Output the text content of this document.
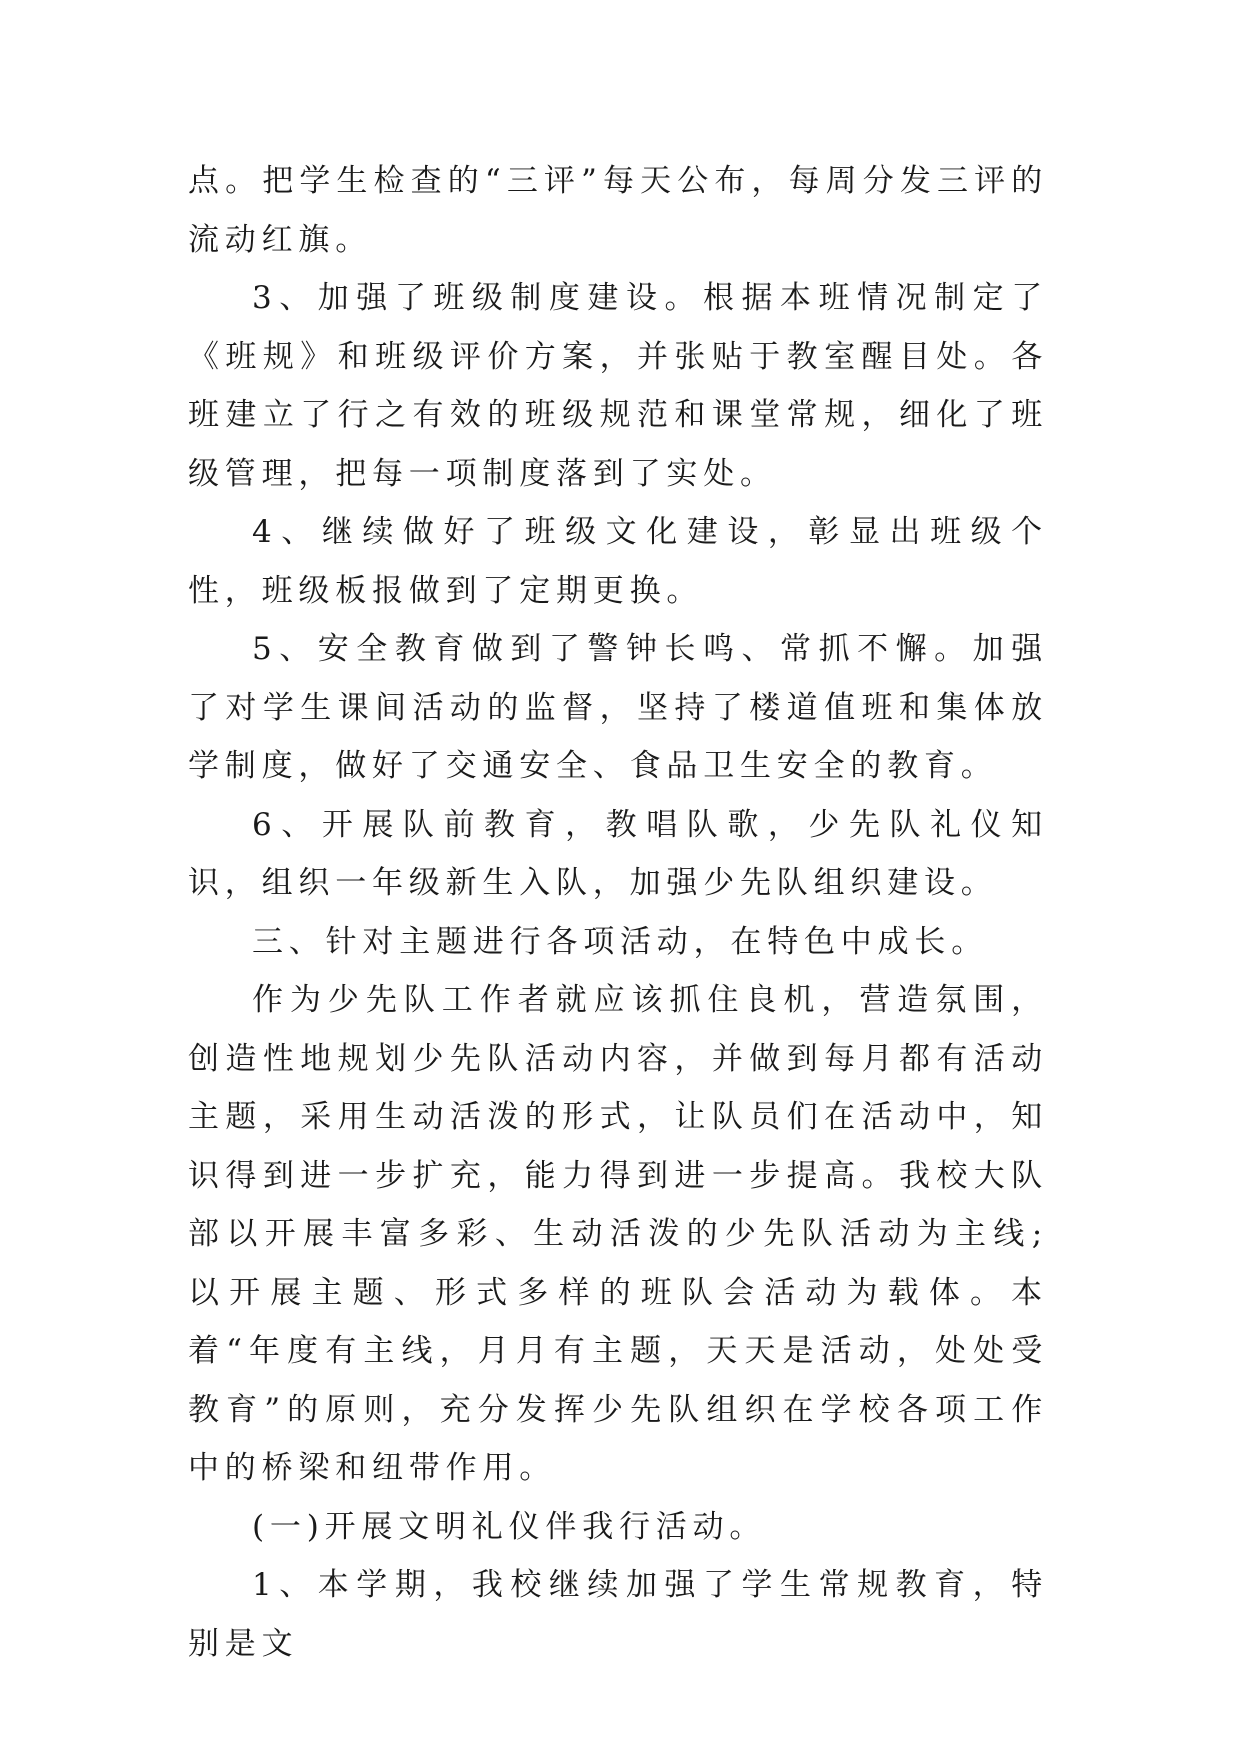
点。把学生检查的“三评”每天公布，每周分发三评的流动红旗。

3、加强了班级制度建设。根据本班情况制定了《班规》和班级评价方案，并张贴于教室醒目处。各班建立了行之有效的班级规范和课堂常规，细化了班级管理，把每一项制度落到了实处。

4、继续做好了班级文化建设，彰显出班级个性，班级板报做到了定期更换。

5、安全教育做到了警钟长鸣、常抓不懈。加强了对学生课间活动的监督，坚持了楼道值班和集体放学制度，做好了交通安全、食品卫生安全的教育。

6、开展队前教育，教唱队歌，少先队礼仪知识，组织一年级新生入队，加强少先队组织建设。

三、针对主题进行各项活动，在特色中成长。

作为少先队工作者就应该抓住良机，营造氛围，创造性地规划少先队活动内容，并做到每月都有活动主题，采用生动活泼的形式，让队员们在活动中，知识得到进一步扩充，能力得到进一步提高。我校大队部以开展丰富多彩、生动活泼的少先队活动为主线;以开展主题、形式多样的班队会活动为载体。本着“年度有主线，月月有主题，天天是活动，处处受教育”的原则，充分发挥少先队组织在学校各项工作中的桥梁和纽带作用。

(一)开展文明礼仪伴我行活动。

1、本学期，我校继续加强了学生常规教育，特别是文
